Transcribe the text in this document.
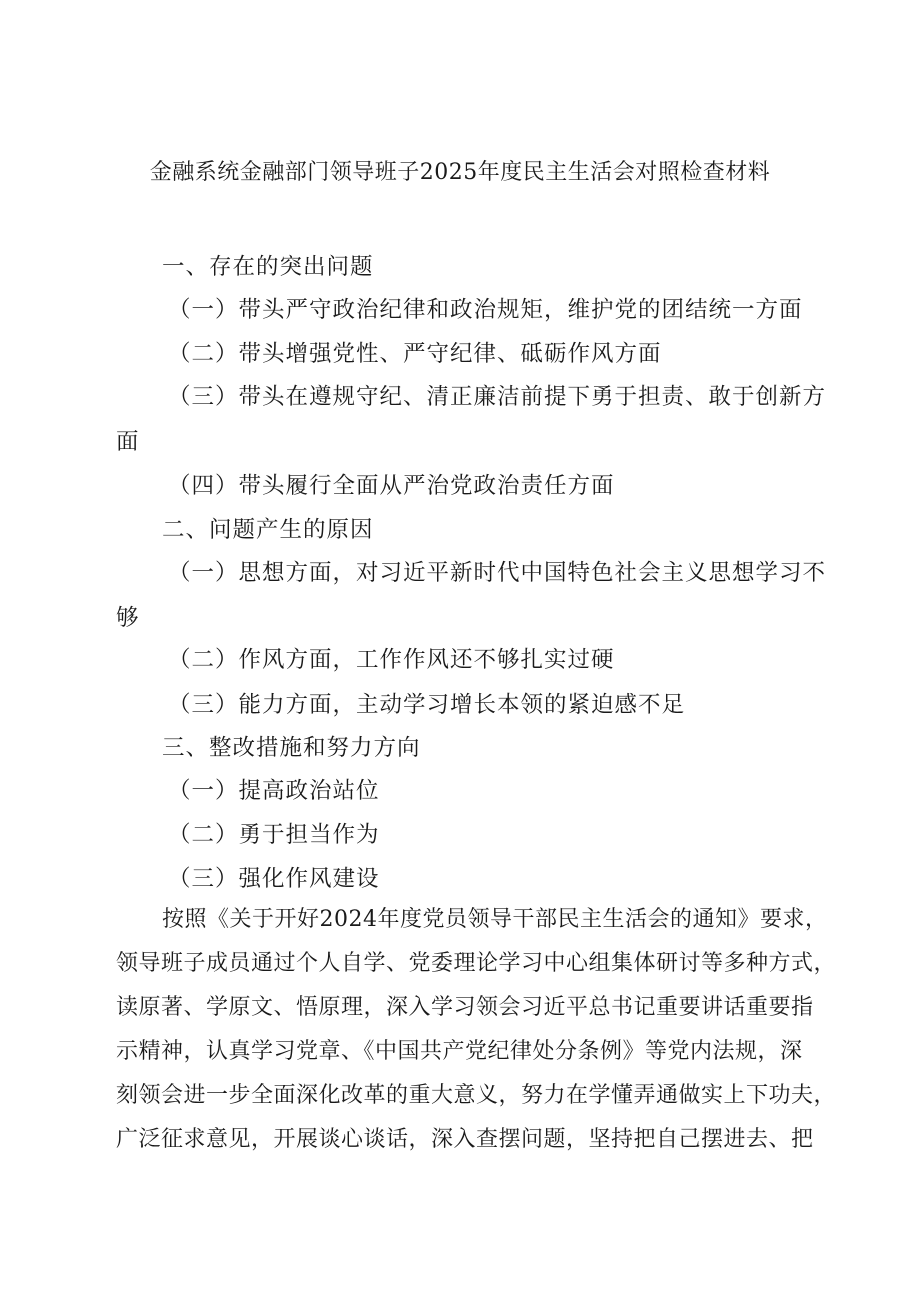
金融系统金融部门领导班子2025年度民主生活会对照检查材料
一、存在的突出问题
（一）带头严守政治纪律和政治规矩，维护党的团结统一方面
（二）带头增强党性、严守纪律、砥砺作风方面
（三）带头在遵规守纪、清正廉洁前提下勇于担责、敢于创新方
面
（四）带头履行全面从严治党政治责任方面
二、问题产生的原因
（一）思想方面，对习近平新时代中国特色社会主义思想学习不
够
（二）作风方面，工作作风还不够扎实过硬
（三）能力方面，主动学习增长本领的紧迫感不足
三、整改措施和努力方向
（一）提高政治站位
（二）勇于担当作为
（三）强化作风建设
按照《关于开好2024年度党员领导干部民主生活会的通知》要求，
领导班子成员通过个人自学、党委理论学习中心组集体研讨等多种方式，
读原著、学原文、悟原理，深入学习领会习近平总书记重要讲话重要指
示精神，认真学习党章、《中国共产党纪律处分条例》等党内法规，深
刻领会进一步全面深化改革的重大意义，努力在学懂弄通做实上下功夫，
广泛征求意见，开展谈心谈话，深入查摆问题，坚持把自己摆进去、把
